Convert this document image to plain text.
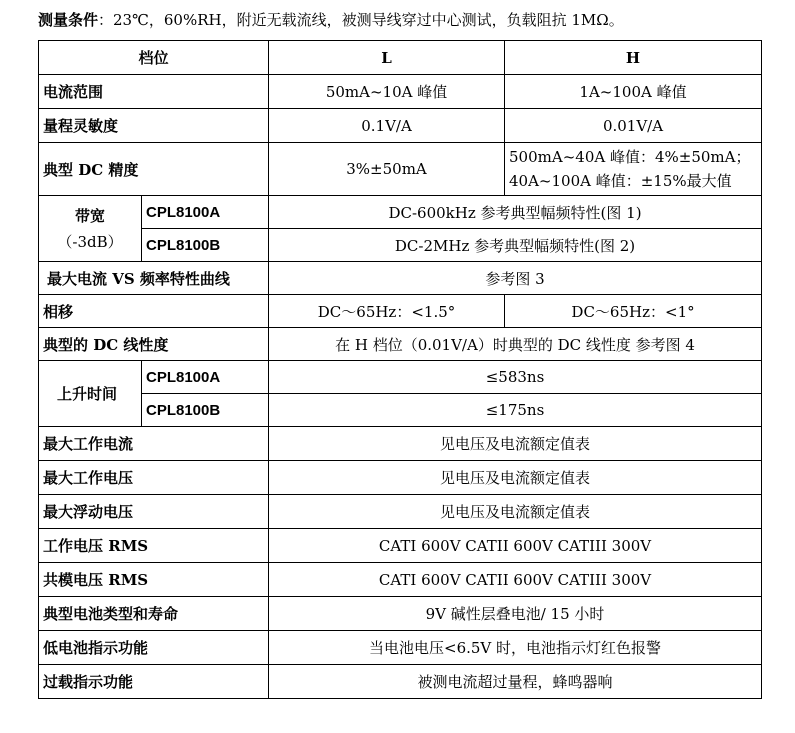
测量条件：23℃，60%RH，附近无载流线，被测导线穿过中心测试，负载阻抗 1MΩ。
档位		L	H
电流范围		50mA~10A 峰值	1A~100A 峰值
量程灵敏度		0.1V/A	0.01V/A
典型 DC 精度		3%±50mA	500mA~40A 峰值：4%±50mA；
40A~100A 峰值：±15%最大值

带宽
（-3dB）	CPL8100A	DC-600kHz 参考典型幅频特性(图 1)	
	CPL8100B	DC-2MHz 参考典型幅频特性(图 2)	
最大电流 VS 频率特性曲线		参考图 3	
相移		DC～65Hz：<1.5°	DC～65Hz：<1°
典型的 DC 线性度		在 H 档位（0.01V/A）时典型的 DC 线性度 参考图 4	
上升时间	CPL8100A	≤583ns	
	CPL8100B	≤175ns	
最大工作电流		见电压及电流额定值表	
最大工作电压		见电压及电流额定值表	
最大浮动电压		见电压及电流额定值表	
工作电压 RMS		CATI 600V CATII 600V CATIII 300V	
共模电压 RMS		CATI 600V CATII 600V CATIII 300V	
典型电池类型和寿命		9V 碱性层叠电池/ 15 小时	
低电池指示功能		当电池电压<6.5V 时，电池指示灯红色报警	
过载指示功能		被测电流超过量程，蜂鸣器响	
